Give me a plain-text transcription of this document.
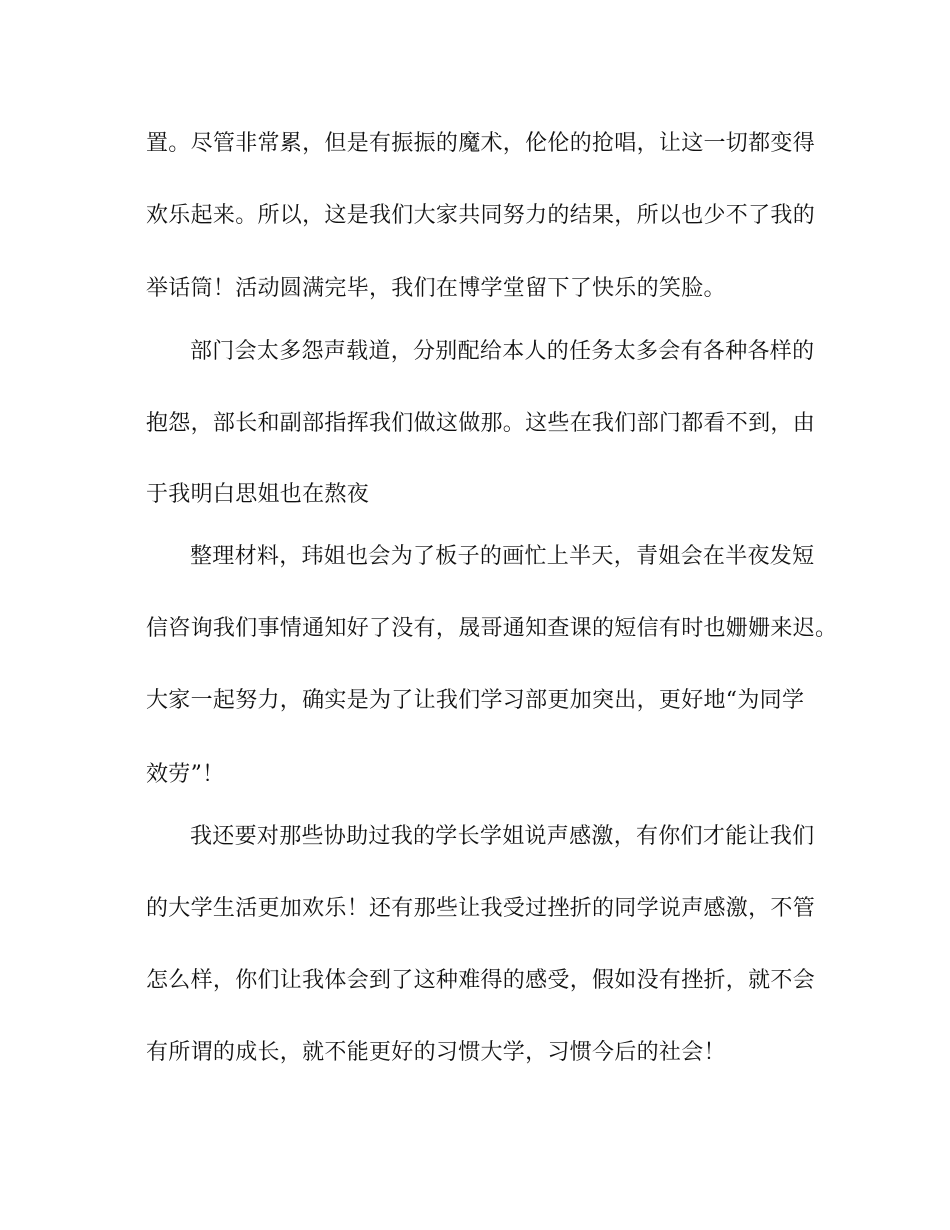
置。尽管非常累，但是有振振的魔术，伦伦的抢唱，让这一切都变得
欢乐起来。所以，这是我们大家共同努力的结果，所以也少不了我的
举话筒！活动圆满完毕，我们在博学堂留下了快乐的笑脸。
部门会太多怨声载道，分别配给本人的任务太多会有各种各样的
抱怨，部长和副部指挥我们做这做那。这些在我们部门都看不到，由
于我明白思姐也在熬夜
整理材料，玮姐也会为了板子的画忙上半天，青姐会在半夜发短
信咨询我们事情通知好了没有，晟哥通知查课的短信有时也姗姗来迟。
大家一起努力，确实是为了让我们学习部更加突出，更好地“为同学
效劳”！
我还要对那些协助过我的学长学姐说声感激，有你们才能让我们
的大学生活更加欢乐！还有那些让我受过挫折的同学说声感激，不管
怎么样，你们让我体会到了这种难得的感受，假如没有挫折，就不会
有所谓的成长，就不能更好的习惯大学，习惯今后的社会！
